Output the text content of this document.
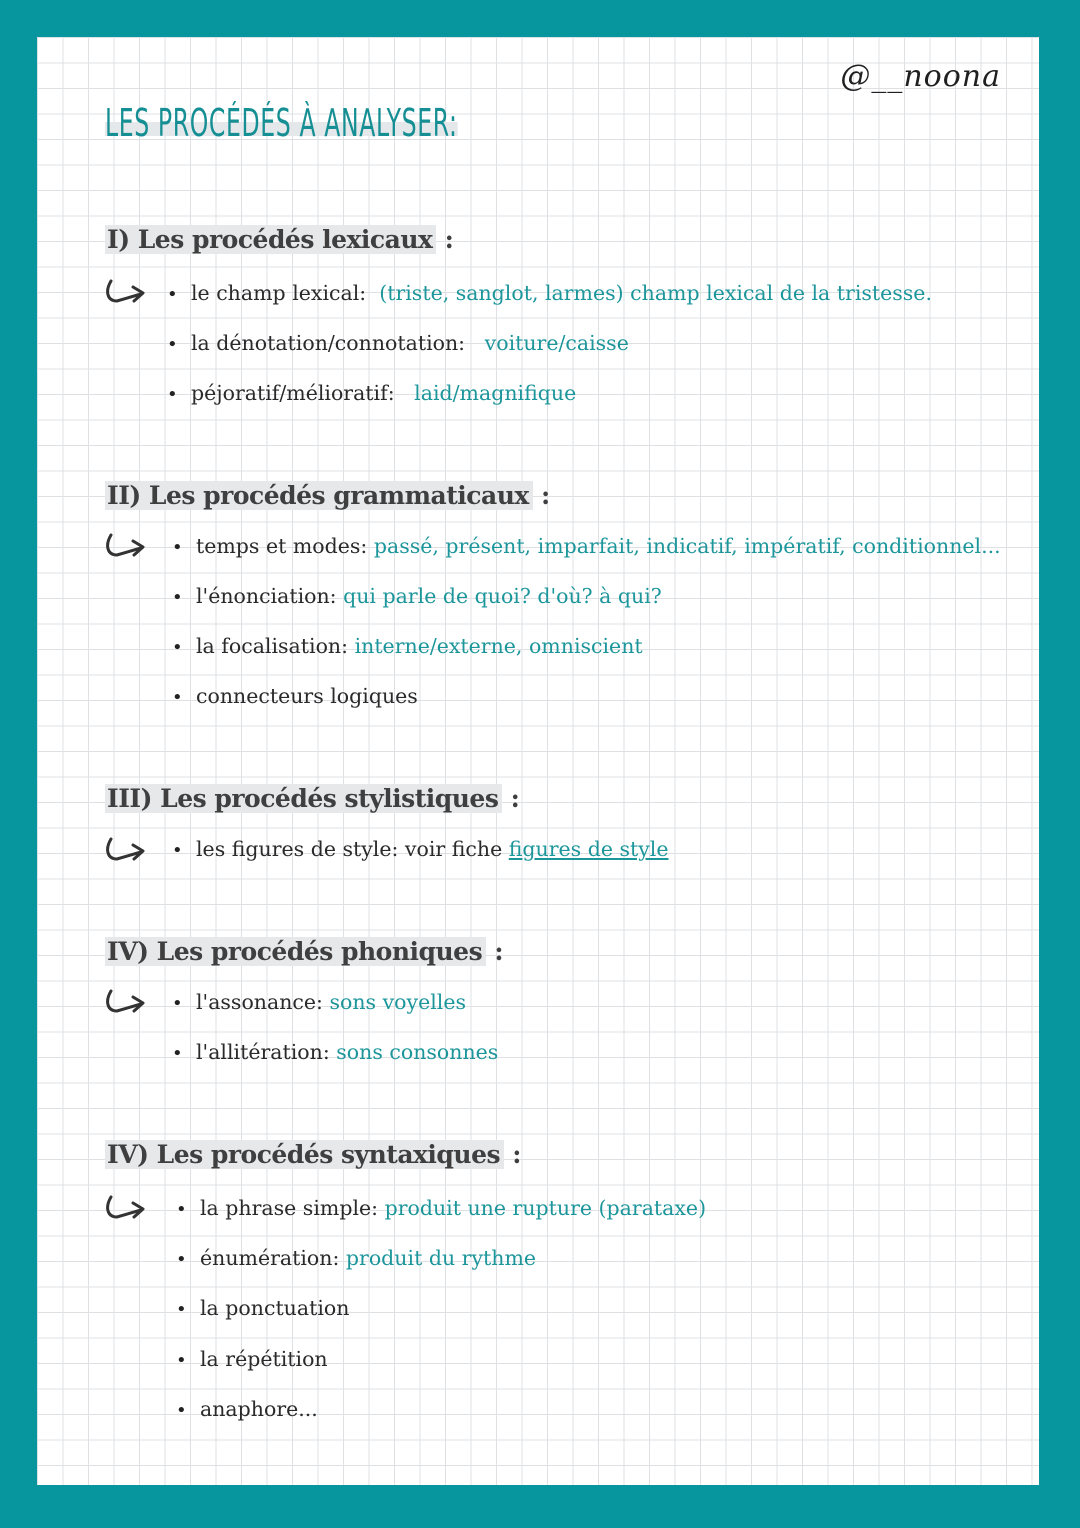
@__noona
LES PROCÉDÉS À ANALYSER:
I) Les procédés lexicaux :
• le champ lexical: (triste, sanglot, larmes) champ lexical de la tristesse.
• la dénotation/connotation: voiture/caisse
• péjoratif/mélioratif: laid/magnifique
II) Les procédés grammaticaux :
• temps et modes: passé, présent, imparfait, indicatif, impératif, conditionnel...
• l'énonciation: qui parle de quoi? d'où? à qui?
• la focalisation: interne/externe, omniscient
• connecteurs logiques
III) Les procédés stylistiques :
• les figures de style: voir fiche figures de style
IV) Les procédés phoniques :
• l'assonance: sons voyelles
• l'allitération: sons consonnes
IV) Les procédés syntaxiques :
• la phrase simple: produit une rupture (parataxe)
• énumération: produit du rythme
• la ponctuation
• la répétition
• anaphore...
